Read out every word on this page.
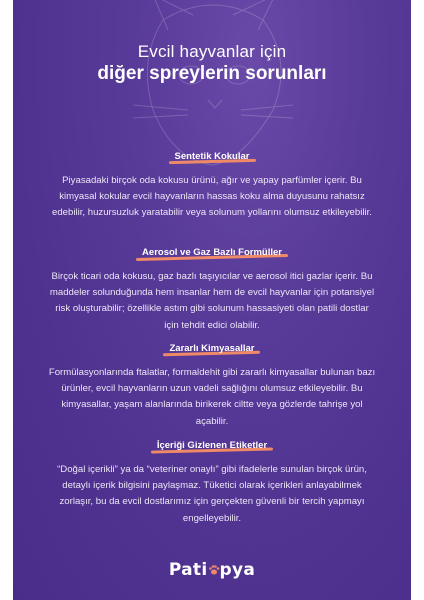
Evcil hayvanlar için
diğer spreylerin sorunları
Sentetik Kokular
Piyasadaki birçok oda kokusu ürünü, ağır ve yapay parfümler içerir. Bu kimyasal kokular evcil hayvanların hassas koku alma duyusunu rahatsız edebilir, huzursuzluk yaratabilir veya solunum yollarını olumsuz etkileyebilir.
Aerosol ve Gaz Bazlı Formüller
Birçok ticari oda kokusu, gaz bazlı taşıyıcılar ve aerosol itici gazlar içerir. Bu maddeler solunduğunda hem insanlar hem de evcil hayvanlar için potansiyel risk oluşturabilir; özellikle astım gibi solunum hassasiyeti olan patili dostlar için tehdit edici olabilir.
Zararlı Kimyasallar
Formülasyonlarında ftalatlar, formaldehit gibi zararlı kimyasallar bulunan bazı ürünler, evcil hayvanların uzun vadeli sağlığını olumsuz etkileyebilir. Bu kimyasallar, yaşam alanlarında birikerek ciltte veya gözlerde tahrişe yol açabilir.
İçeriği Gizlenen Etiketler
“Doğal içerikli” ya da “veteriner onaylı” gibi ifadelerle sunulan birçok ürün, detaylı içerik bilgisini paylaşmaz. Tüketici olarak içerikleri anlayabilmek zorlaşır, bu da evcil dostlarımız için gerçekten güvenli bir tercih yapmayı engelleyebilir.
Pati pya
